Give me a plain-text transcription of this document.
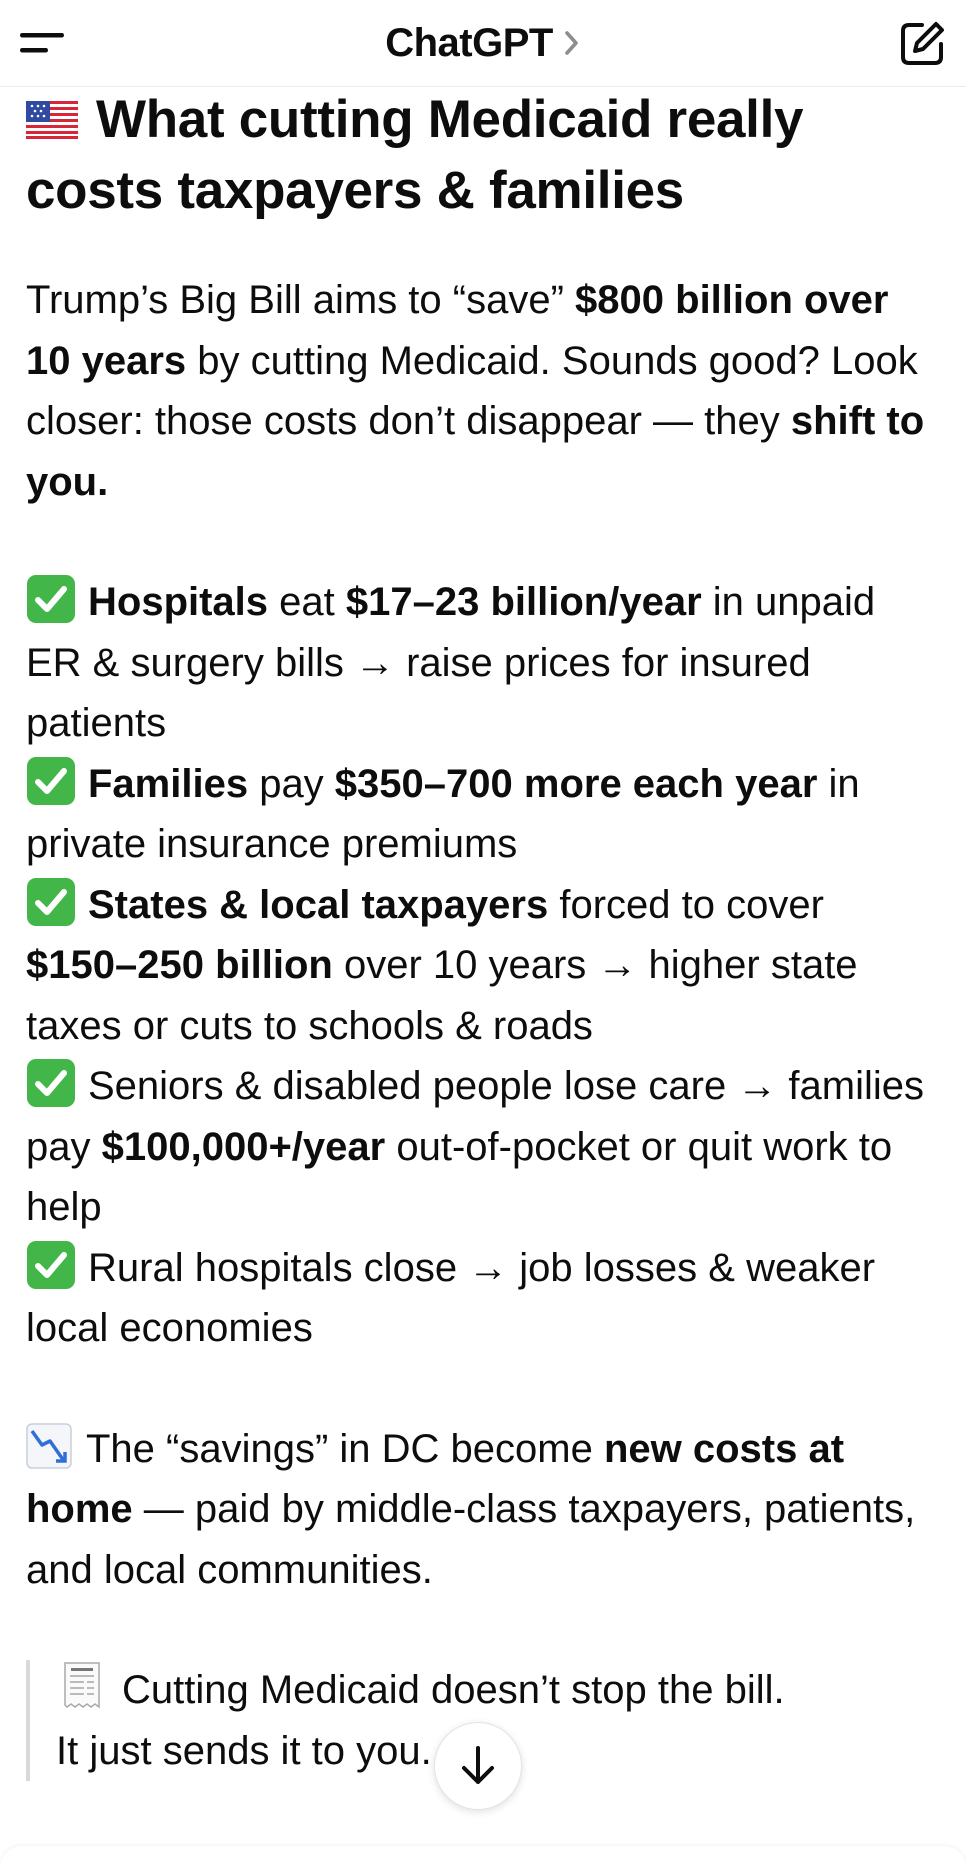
ChatGPT
What cutting Medicaid really costs taxpayers & families

Trump’s Big Bill aims to “save” $800 billion over 10 years by cutting Medicaid. Sounds good? Look closer: those costs don’t disappear — they shift to you.

Hospitals eat $17–23 billion/year in unpaid ER & surgery bills → raise prices for insured patients

Families pay $350–700 more each year in private insurance premiums

States & local taxpayers forced to cover $150–250 billion over 10 years → higher state taxes or cuts to schools & roads

Seniors & disabled people lose care → families pay $100,000+/year out-of-pocket or quit work to help

Rural hospitals close → job losses & weaker local economies

The “savings” in DC become new costs at home — paid by middle-class taxpayers, patients, and local communities.

Cutting Medicaid doesn’t stop the bill.
It just sends it to you.
